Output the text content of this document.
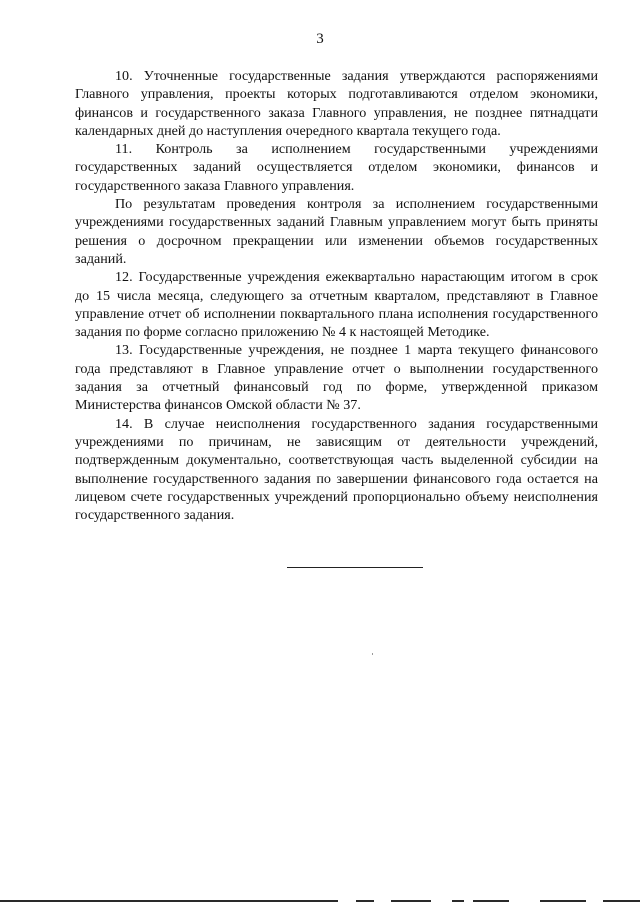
3

10. Уточненные государственные задания утверждаются распоряжениями Главного управления, проекты которых подготавливаются отделом экономики, финансов и государственного заказа Главного управления, не позднее пятнадцати календарных дней до наступления очередного квартала текущего года.

11. Контроль за исполнением государственными учреждениями государственных заданий осуществляется отделом экономики, финансов и государственного заказа Главного управления.

По результатам проведения контроля за исполнением государственными учреждениями государственных заданий Главным управлением могут быть приняты решения о досрочном прекращении или изменении объемов государственных заданий.

12. Государственные учреждения ежеквартально нарастающим итогом в срок до 15 числа месяца, следующего за отчетным кварталом, представляют в Главное управление отчет об исполнении поквартального плана исполнения государственного задания по форме согласно приложению № 4 к настоящей Методике.

13. Государственные учреждения, не позднее 1 марта текущего финансового года представляют в Главное управление отчет о выполнении государственного задания за отчетный финансовый год по форме, утвержденной приказом Министерства финансов Омской области № 37.

14. В случае неисполнения государственного задания государственными учреждениями по причинам, не зависящим от деятельности учреждений, подтвержденным документально, соответствующая часть выделенной субсидии на выполнение государственного задания по завершении финансового года остается на лицевом счете государственных учреждений пропорционально объему неисполнения государственного задания.
